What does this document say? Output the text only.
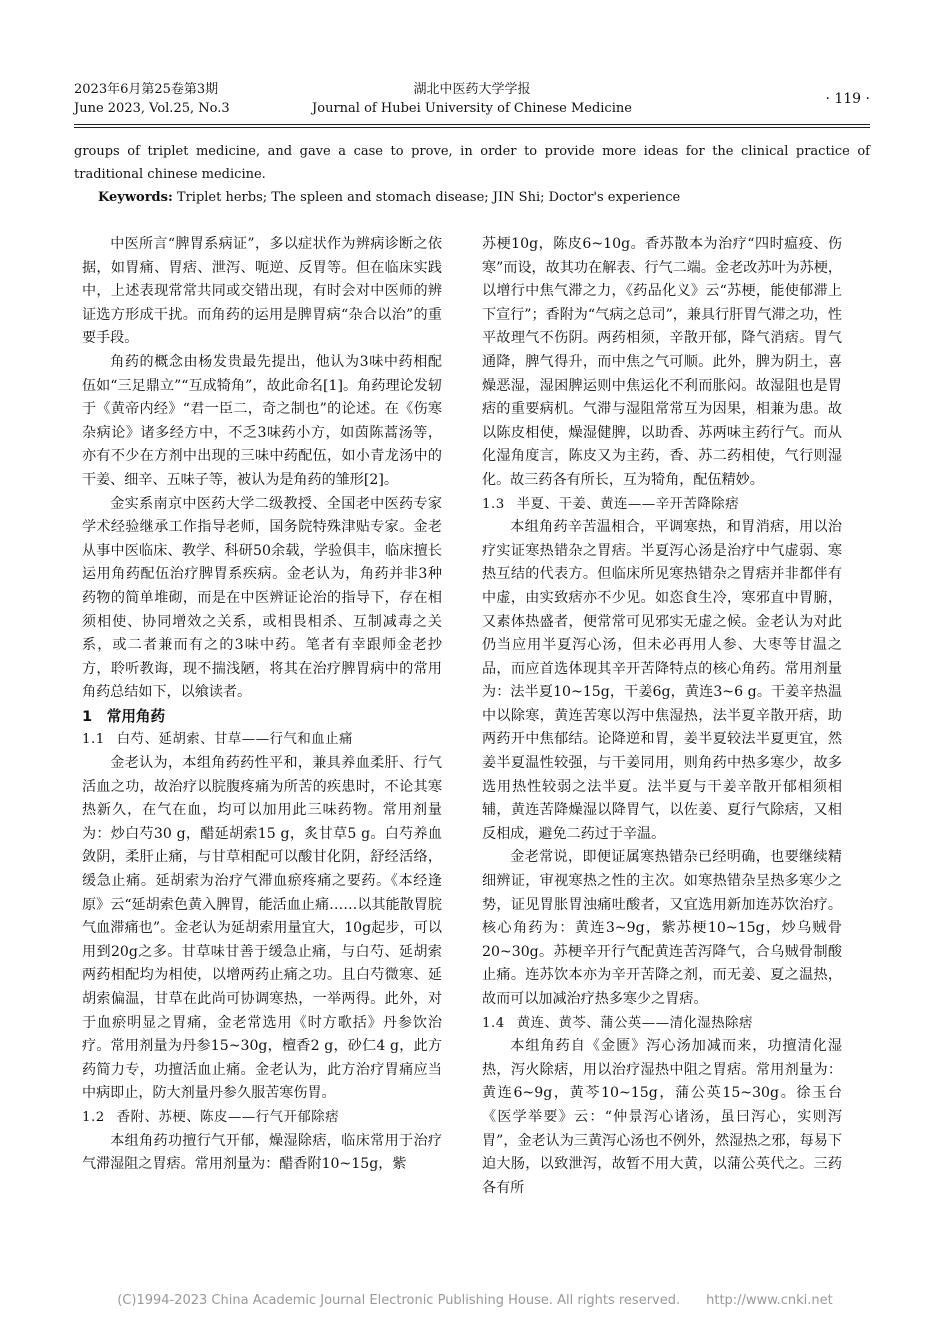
2023年6月第25卷第3期
June 2023, Vol.25, No.3
湖北中医药大学学报
Journal of Hubei University of Chinese Medicine
· 119 ·
groups of triplet medicine, and gave a case to prove, in order to provide more ideas for the clinical practice of traditional chinese medicine.
Keywords: Triplet herbs; The spleen and stomach disease; JIN Shi; Doctor's experience

中医所言“脾胃系病证”，多以症状作为辨病诊断之依据，如胃痛、胃痞、泄泻、呃逆、反胃等。但在临床实践中，上述表现常常共同或交错出现，有时会对中医师的辨证选方形成干扰。而角药的运用是脾胃病“杂合以治”的重要手段。

角药的概念由杨发贵最先提出，他认为3味中药相配伍如“三足鼎立”“互成犄角”，故此命名[1]。角药理论发轫于《黄帝内经》“君一臣二，奇之制也”的论述。在《伤寒杂病论》诸多经方中，不乏3味药小方，如茵陈蒿汤等，亦有不少在方剂中出现的三味中药配伍，如小青龙汤中的干姜、细辛、五味子等，被认为是角药的雏形[2]。

金实系南京中医药大学二级教授、全国老中医药专家学术经验继承工作指导老师，国务院特殊津贴专家。金老从事中医临床、教学、科研50余载，学验俱丰，临床擅长运用角药配伍治疗脾胃系疾病。金老认为，角药并非3种药物的简单堆砌，而是在中医辨证论治的指导下，存在相须相使、协同增效之关系，或相畏相杀、互制减毒之关系，或二者兼而有之的3味中药。笔者有幸跟师金老抄方，聆听教诲，现不揣浅陋，将其在治疗脾胃病中的常用角药总结如下，以飨读者。

1　常用角药
1.1 白芍、延胡索、甘草——行气和血止痛

金老认为，本组角药药性平和，兼具养血柔肝、行气活血之功，故治疗以脘腹疼痛为所苦的疾患时，不论其寒热新久，在气在血，均可以加用此三味药物。常用剂量为：炒白芍30 g，醋延胡索15 g，炙甘草5 g。白芍养血敛阴，柔肝止痛，与甘草相配可以酸甘化阴，舒经活络，缓急止痛。延胡索为治疗气滞血瘀疼痛之要药。《本经逢原》云“延胡索色黄入脾胃，能活血止痛……以其能散胃脘气血滞痛也”。金老认为延胡索用量宜大，10g起步，可以用到20g之多。甘草味甘善于缓急止痛，与白芍、延胡索两药相配均为相使，以增两药止痛之功。且白芍微寒、延胡索偏温，甘草在此尚可协调寒热，一举两得。此外，对于血瘀明显之胃痛，金老常选用《时方歌括》丹参饮治疗。常用剂量为丹参15~30g，檀香2 g，砂仁4 g，此方药简力专，功擅活血止痛。金老认为，此方治疗胃痛应当中病即止，防大剂量丹参久服苦寒伤胃。

1.2 香附、苏梗、陈皮——行气开郁除痞

本组角药功擅行气开郁，燥湿除痞，临床常用于治疗气滞湿阻之胃痞。常用剂量为：醋香附10~15g，紫

苏梗10g，陈皮6~10g。香苏散本为治疗“四时瘟疫、伤寒”而设，故其功在解表、行气二端。金老改苏叶为苏梗，以增行中焦气滞之力，《药品化义》云“苏梗，能使郁滞上下宣行”；香附为“气病之总司”，兼具行肝胃气滞之功，性平故理气不伤阴。两药相须，辛散开郁，降气消痞。胃气通降，脾气得升，而中焦之气可顺。此外，脾为阴土，喜燥恶湿，湿困脾运则中焦运化不利而胀闷。故湿阻也是胃痞的重要病机。气滞与湿阻常常互为因果，相兼为患。故以陈皮相使，燥湿健脾，以助香、苏两味主药行气。而从化湿角度言，陈皮又为主药，香、苏二药相使，气行则湿化。故三药各有所长，互为犄角，配伍精妙。

1.3 半夏、干姜、黄连——辛开苦降除痞

本组角药辛苦温相合，平调寒热，和胃消痞，用以治疗实证寒热错杂之胃痞。半夏泻心汤是治疗中气虚弱、寒热互结的代表方。但临床所见寒热错杂之胃痞并非都伴有中虚，由实致痞亦不少见。如恣食生冷，寒邪直中胃腑，又素体热盛者，便常常可见邪实无虚之候。金老认为对此仍当应用半夏泻心汤，但未必再用人参、大枣等甘温之品，而应首选体现其辛开苦降特点的核心角药。常用剂量为：法半夏10~15g，干姜6g，黄连3~6 g。干姜辛热温中以除寒，黄连苦寒以泻中焦湿热，法半夏辛散开痞，助两药开中焦郁结。论降逆和胃，姜半夏较法半夏更宜，然姜半夏温性较强，与干姜同用，则角药中热多寒少，故多选用热性较弱之法半夏。法半夏与干姜辛散开郁相须相辅，黄连苦降燥湿以降胃气，以佐姜、夏行气除痞，又相反相成，避免二药过于辛温。

金老常说，即便证属寒热错杂已经明确，也要继续精细辨证，审视寒热之性的主次。如寒热错杂呈热多寒少之势，证见胃胀胃浊痛吐酸者，又宜选用新加连苏饮治疗。核心角药为：黄连3~9g，紫苏梗10~15g，炒乌贼骨20~30g。苏梗辛开行气配黄连苦泻降气，合乌贼骨制酸止痛。连苏饮本亦为辛开苦降之剂，而无姜、夏之温热，故而可以加减治疗热多寒少之胃痞。

1.4 黄连、黄芩、蒲公英——清化湿热除痞

本组角药自《金匮》泻心汤加减而来，功擅清化湿热，泻火除痞，用以治疗湿热中阻之胃痞。常用剂量为：黄连6~9g，黄芩10~15g，蒲公英15~30g。徐玉台《医学举要》云：“仲景泻心诸汤，虽曰泻心，实则泻胃”，金老认为三黄泻心汤也不例外，然湿热之邪，每易下迫大肠，以致泄泻，故暂不用大黄，以蒲公英代之。三药各有所

(C)1994-2023 China Academic Journal Electronic Publishing House. All rights reserved.　　http://www.cnki.net
